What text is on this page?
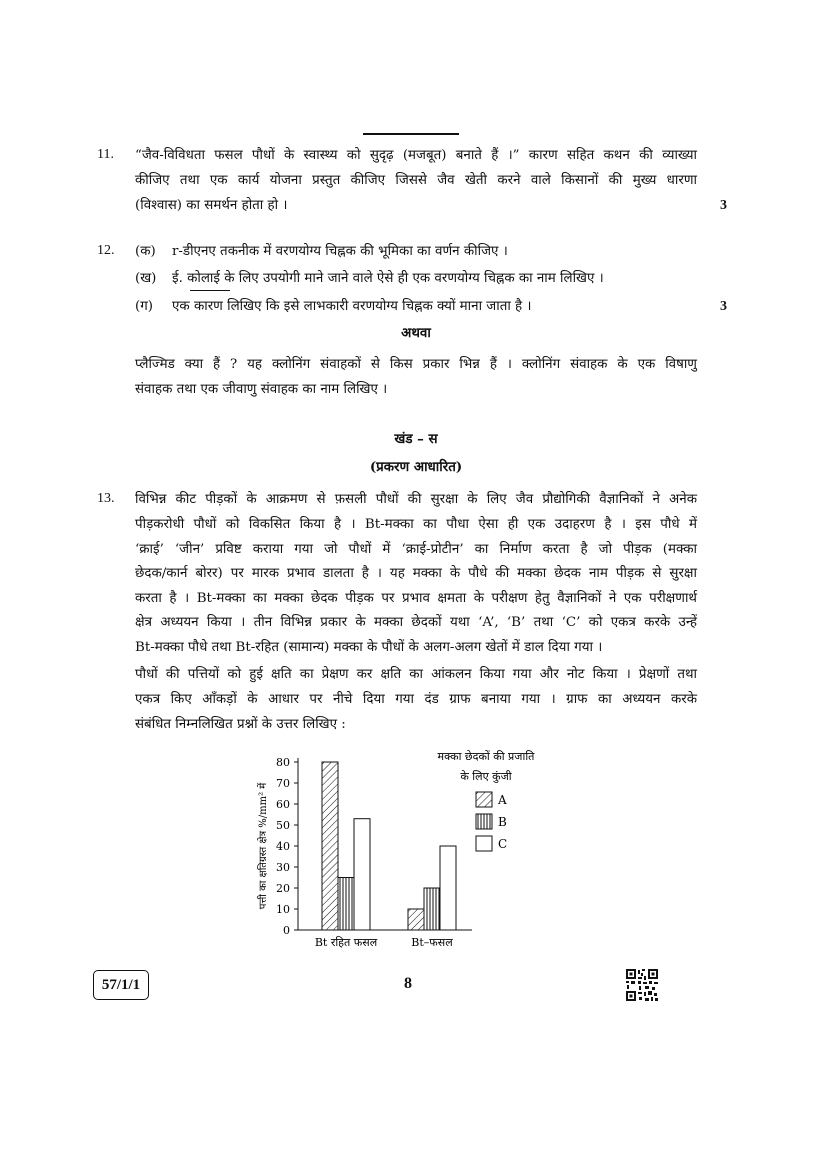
11. “जैव-विविधता फसल पौधों के स्वास्थ्य को सुदृढ़ (मजबूत) बनाते हैं ।” कारण सहित कथन की व्याख्या
कीजिए तथा एक कार्य योजना प्रस्तुत कीजिए जिससे जैव खेती करने वाले किसानों की मुख्य धारणा
(विश्वास) का समर्थन होता हो ।	3
12. (क) r-डीएनए तकनीक में वरणयोग्य चिह्नक की भूमिका का वर्णन कीजिए ।
(ख) ई. कोलाई के लिए उपयोगी माने जाने वाले ऐसे ही एक वरणयोग्य चिह्नक का नाम लिखिए ।
(ग) एक कारण लिखिए कि इसे लाभकारी वरणयोग्य चिह्नक क्यों माना जाता है ।	3
अथवा
प्लैज्मिड क्या हैं ? यह क्लोनिंग संवाहकों से किस प्रकार भिन्न हैं । क्लोनिंग संवाहक के एक विषाणु
संवाहक तथा एक जीवाणु संवाहक का नाम लिखिए ।
खंड – स
(प्रकरण आधारित)
13. विभिन्न कीट पीड़कों के आक्रमण से फ़सली पौधों की सुरक्षा के लिए जैव प्रौद्योगिकी वैज्ञानिकों ने अनेक
पीड़करोधी पौधों को विकसित किया है । Bt-मक्का का पौधा ऐसा ही एक उदाहरण है । इस पौधे में
‘क्राई’ ‘जीन’ प्रविष्ट कराया गया जो पौधों में ‘क्राई-प्रोटीन’ का निर्माण करता है जो पीड़क (मक्का
छेदक/कार्न बोरर) पर मारक प्रभाव डालता है । यह मक्का के पौधे की मक्का छेदक नाम पीड़क से सुरक्षा
करता है । Bt-मक्का का मक्का छेदक पीड़क पर प्रभाव क्षमता के परीक्षण हेतु वैज्ञानिकों ने एक परीक्षणार्थ
क्षेत्र अध्ययन किया । तीन विभिन्न प्रकार के मक्का छेदकों यथा ‘A’, ‘B’ तथा ‘C’ को एकत्र करके उन्हें
Bt-मक्का पौधे तथा Bt-रहित (सामान्य) मक्का के पौधों के अलग-अलग खेतों में डाल दिया गया ।
पौधों की पत्तियों को हुई क्षति का प्रेक्षण कर क्षति का आंकलन किया गया और नोट किया । प्रेक्षणों तथा
एकत्र किए आँकड़ों के आधार पर नीचे दिया गया दंड ग्राफ बनाया गया । ग्राफ का अध्ययन करके
संबंधित निम्नलिखित प्रश्नों के उत्तर लिखिए :
0
10
20
30
40
50
60
70
80
पत्ती का क्षतिग्रस्त क्षेत्र %/mm² में
Bt रहित फसल	Bt–फसल
मक्का छेदकों की प्रजाति
के लिए कुंजी
A
B
C
57/1/1	8
